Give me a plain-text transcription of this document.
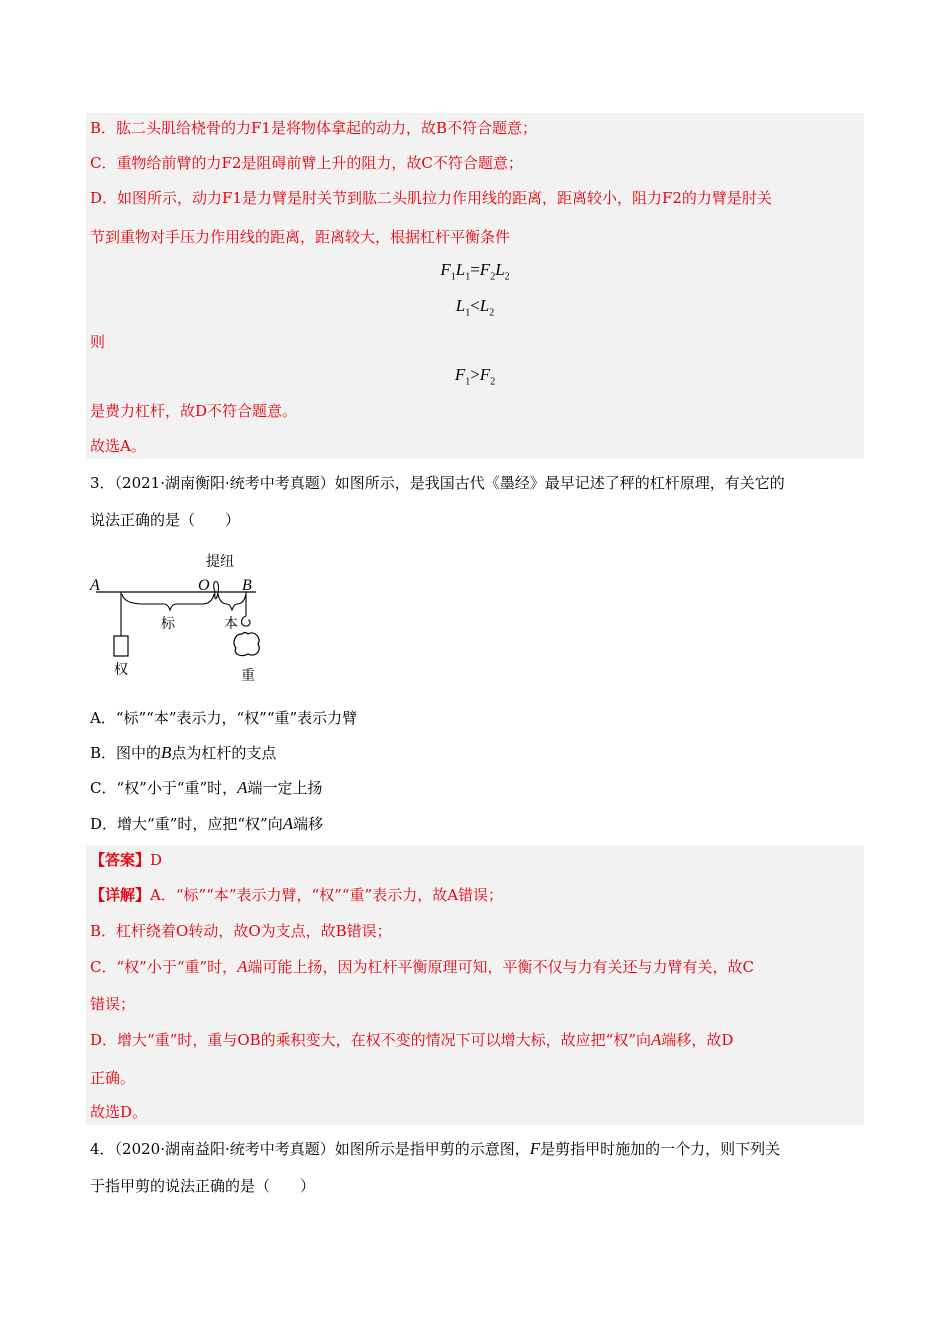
B．肱二头肌给桡骨的力F1是将物体拿起的动力，故B不符合题意；
C．重物给前臂的力F2是阻碍前臂上升的阻力，故C不符合题意；
D．如图所示，动力F1是力臂是肘关节到肱二头肌拉力作用线的距离，距离较小，阻力F2的力臂是肘关
节到重物对手压力作用线的距离，距离较大，根据杠杆平衡条件
$F_1L_1=F_2L_2$
$L_1<L_2$
则
$F_1>F_2$
是费力杠杆，故D不符合题意。
故选A。
3．（2021·湖南衡阳·统考中考真题）如图所示，是我国古代《墨经》最早记述了秤的杠杆原理，有关它的
说法正确的是（　　）
提纽
A	O B
标	本
权	重
A．“标”“本”表示力，“权”“重”表示力臂
B．图中的B点为杠杆的支点
C．“权”小于“重”时，A端一定上扬
D．增大“重”时，应把“权”向A端移
【答案】D
【详解】A．“标”“本”表示力臂，“权”“重”表示力，故A错误；
B．杠杆绕着O转动，故O为支点，故B错误；
C．“权”小于“重”时，A端可能上扬，因为杠杆平衡原理可知，平衡不仅与力有关还与力臂有关，故C
错误；
D．增大“重”时，重与OB的乘积变大，在权不变的情况下可以增大标，故应把“权”向A端移，故D
正确。
故选D。
4．（2020·湖南益阳·统考中考真题）如图所示是指甲剪的示意图，F是剪指甲时施加的一个力，则下列关
于指甲剪的说法正确的是（　　）
